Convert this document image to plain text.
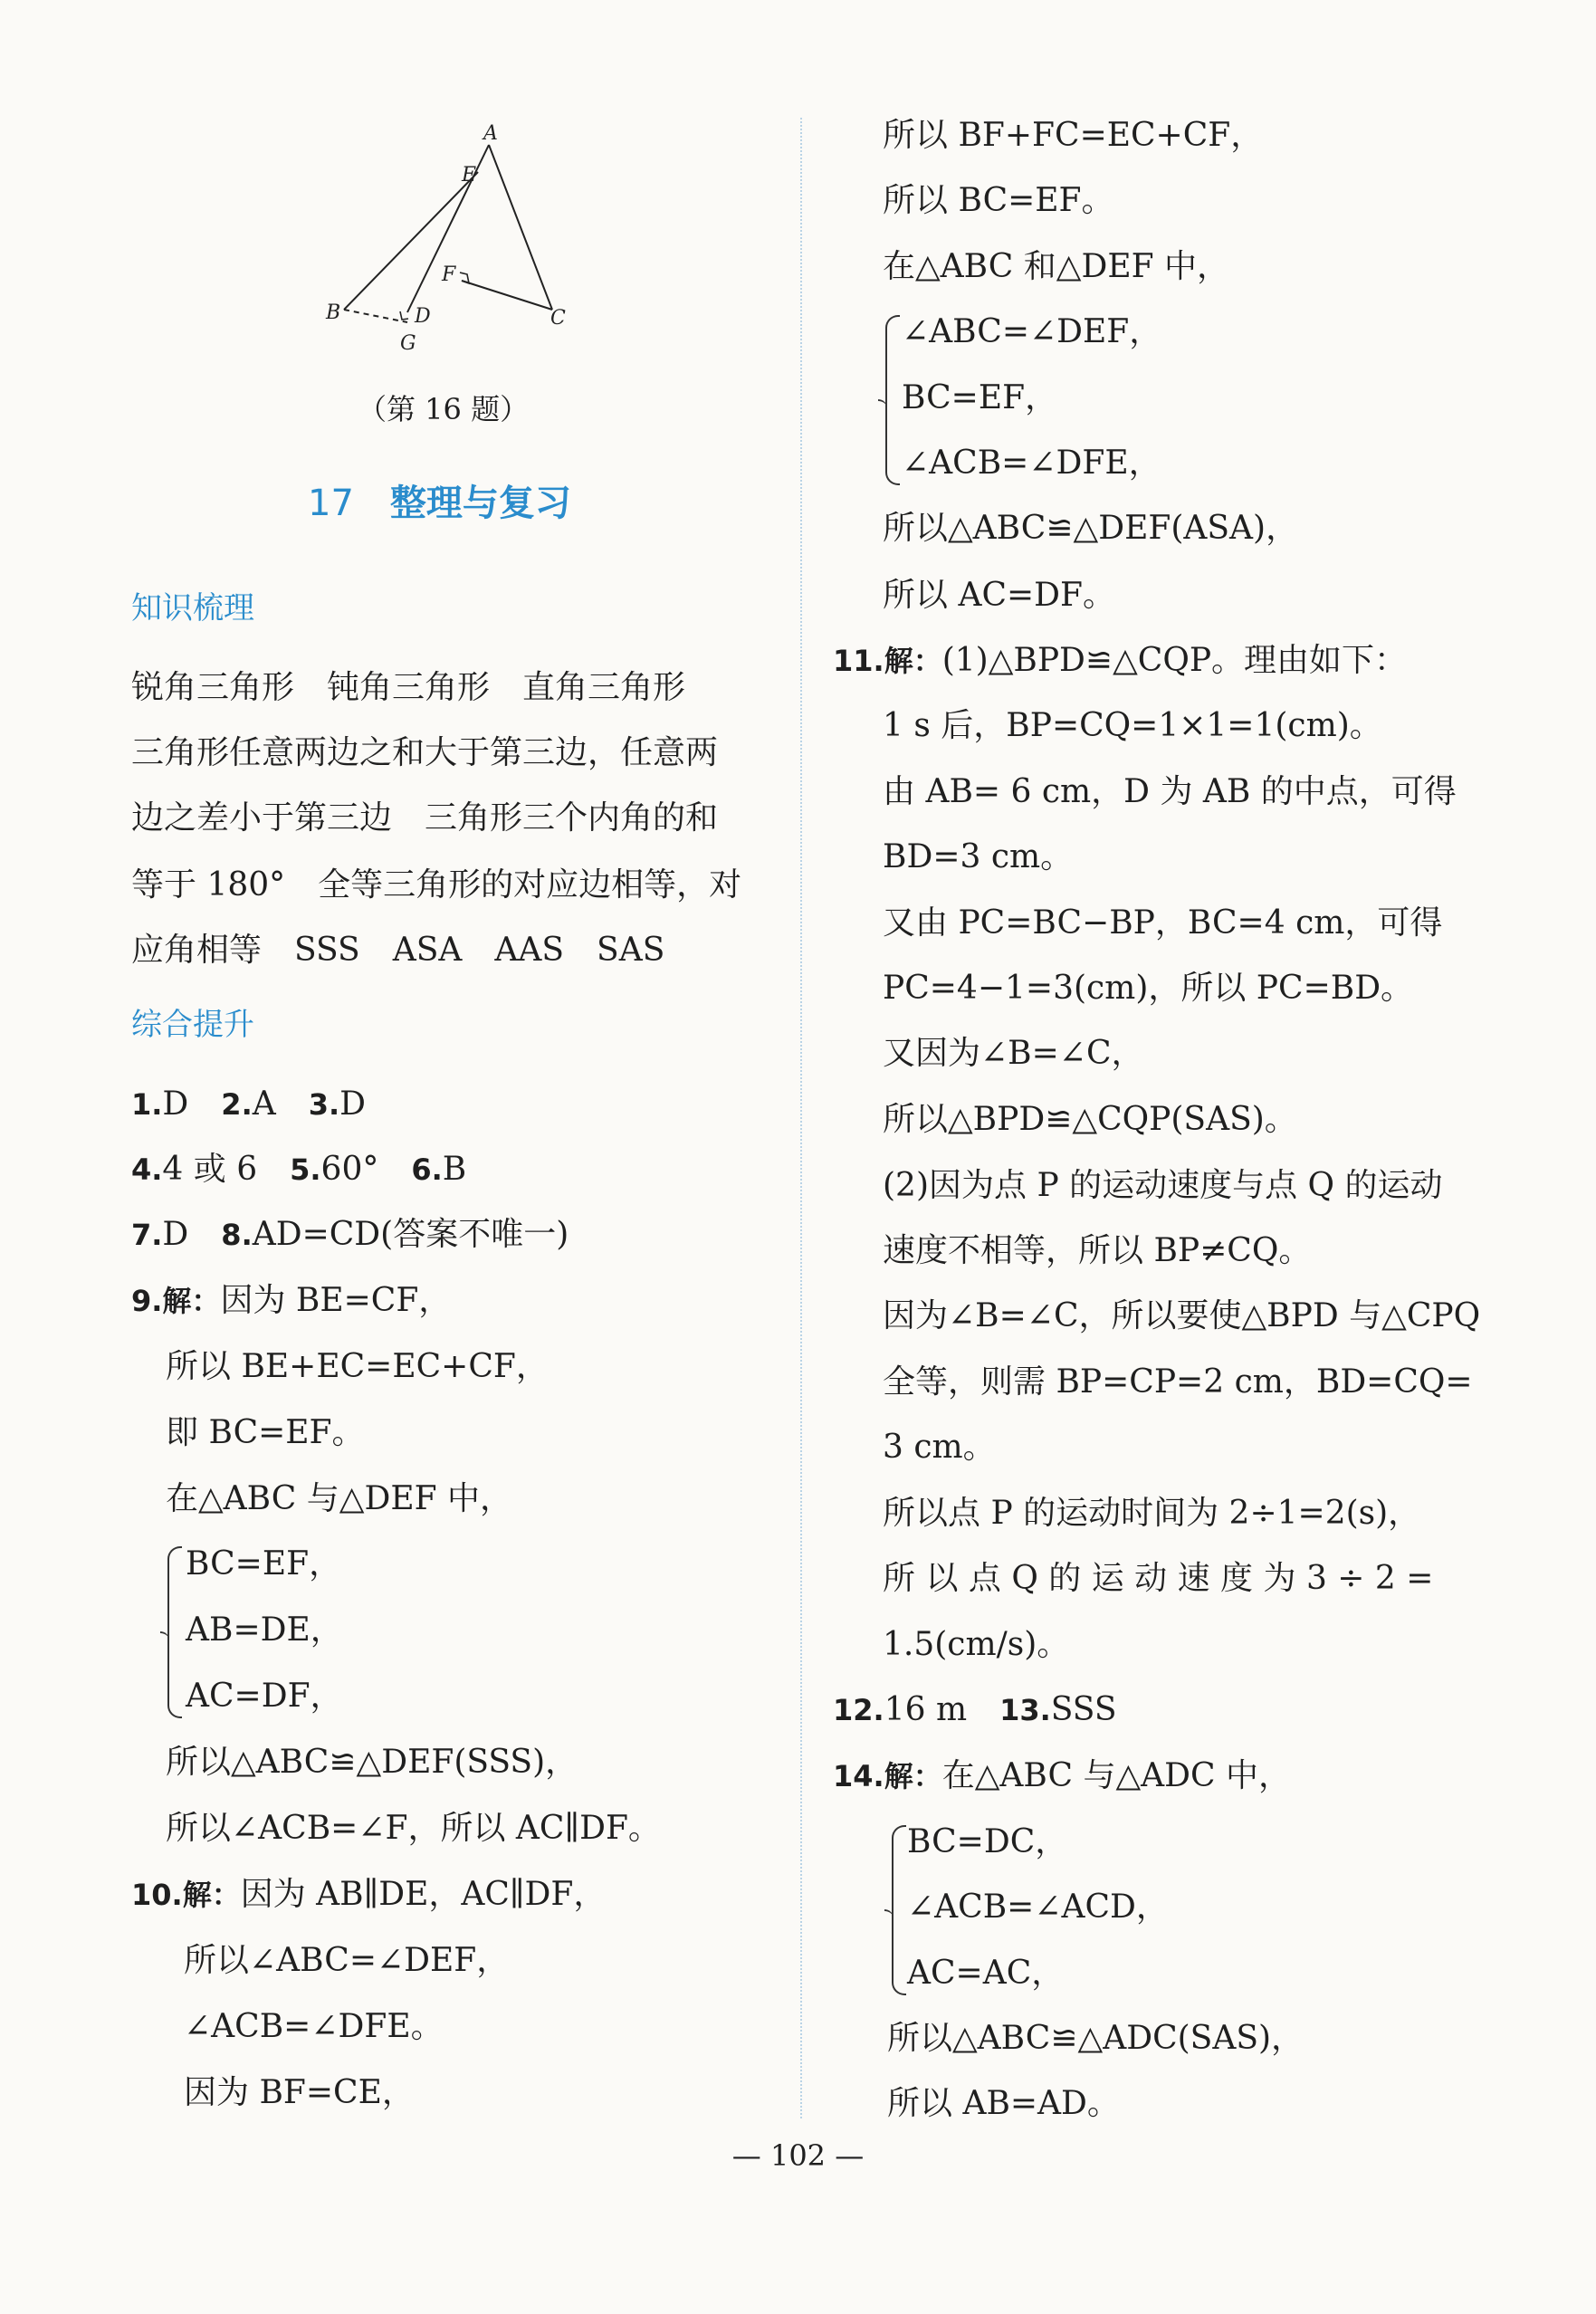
A
E
F
B	D	C
G
（第 16 题）
17 整理与复习
知识梳理
锐角三角形　钝角三角形　直角三角形
三角形任意两边之和大于第三边，任意两
边之差小于第三边　三角形三个内角的和
等于 180°　全等三角形的对应边相等，对
应角相等　SSS　ASA　AAS　SAS
综合提升
1.D　2.A　3.D
4.4 或 6　5.60°　6.B
7.D　8.AD=CD(答案不唯一)
9.解：因为 BE=CF，
所以 BE+EC=EC+CF，
即 BC=EF。
在△ABC 与△DEF 中，
BC=EF，
AB=DE，
AC=DF，
所以△ABC≌△DEF(SSS)，
所以∠ACB=∠F，所以 AC∥DF。
10.解：因为 AB∥DE，AC∥DF，
所以∠ABC=∠DEF，
∠ACB=∠DFE。
因为 BF=CE，
所以 BF+FC=EC+CF，
所以 BC=EF。
在△ABC 和△DEF 中，
∠ABC=∠DEF，
BC=EF，
∠ACB=∠DFE，
所以△ABC≌△DEF(ASA)，
所以 AC=DF。
11.解：(1)△BPD≌△CQP。理由如下：
1 s 后，BP=CQ=1×1=1(cm)。
由 AB= 6 cm，D 为 AB 的中点，可得
BD=3 cm。
又由 PC=BC−BP，BC=4 cm，可得
PC=4−1=3(cm)，所以 PC=BD。
又因为∠B=∠C，
所以△BPD≌△CQP(SAS)。
(2)因为点 P 的运动速度与点 Q 的运动
速度不相等，所以 BP≠CQ。
因为∠B=∠C，所以要使△BPD 与△CPQ
全等，则需 BP=CP=2 cm，BD=CQ=
3 cm。
所以点 P 的运动时间为 2÷1=2(s)，
所 以 点 Q 的 运 动 速 度 为 3 ÷ 2 =
1.5(cm/s)。
12.16 m　13.SSS
14.解：在△ABC 与△ADC 中，
BC=DC，
∠ACB=∠ACD，
AC=AC，
所以△ABC≌△ADC(SAS)，
所以 AB=AD。
— 102 —
